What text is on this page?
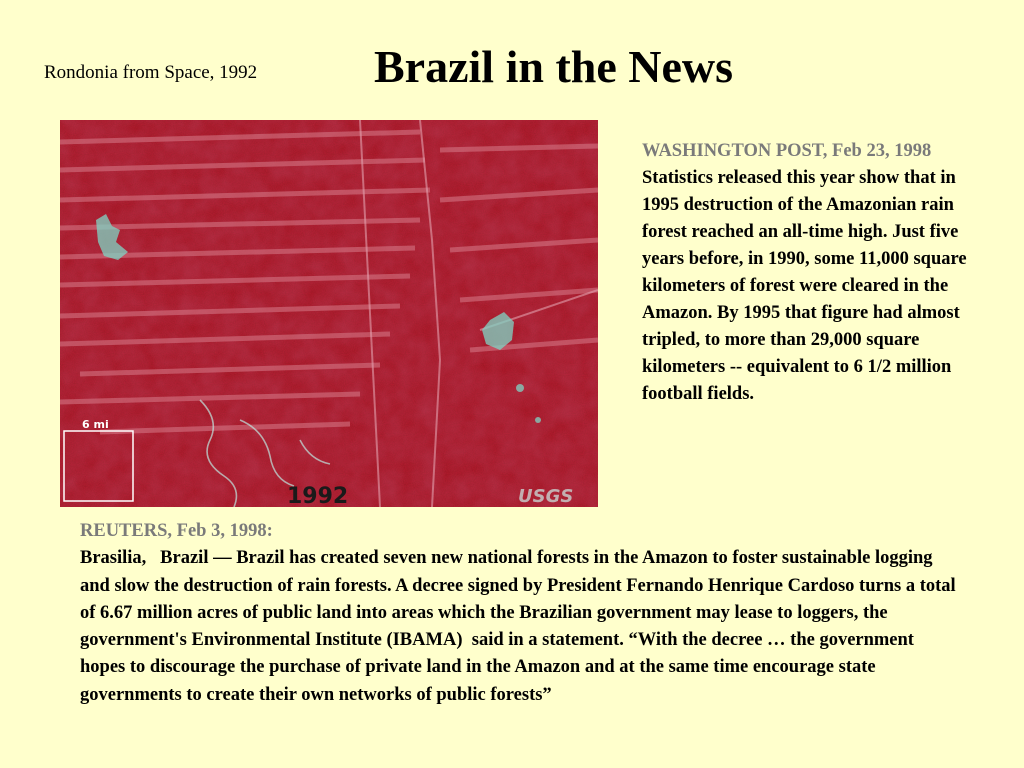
Rondonia from Space, 1992	Brazil in the News
6 mi
1992	USGS
WASHINGTON POST, Feb 23, 1998
Statistics released this year show that in 1995 destruction of the Amazonian rain forest reached an all-time high. Just five years before, in 1990, some 11,000 square kilometers of forest were cleared in the Amazon. By 1995 that figure had almost tripled, to more than 29,000 square kilometers -- equivalent to 6 1/2 million football fields.
REUTERS, Feb 3, 1998:
Brasilia,   Brazil — Brazil has created seven new national forests in the Amazon to foster sustainable logging and slow the destruction of rain forests. A decree signed by President Fernando Henrique Cardoso turns a total of 6.67 million acres of public land into areas which the Brazilian government may lease to loggers, the government's Environmental Institute (IBAMA)  said in a statement. “With the decree … the government hopes to discourage the purchase of private land in the Amazon and at the same time encourage state governments to create their own networks of public forests”
